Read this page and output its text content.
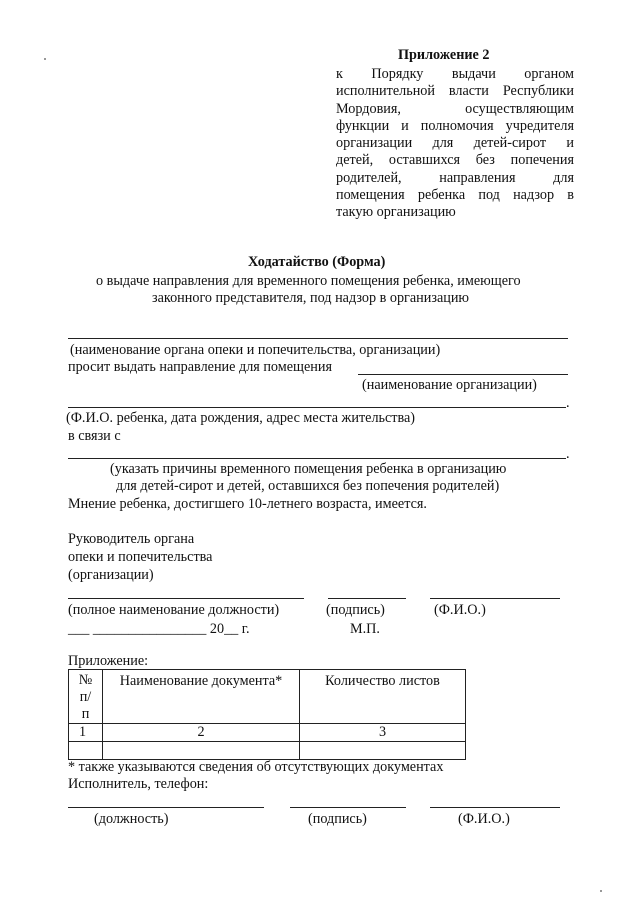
Приложение 2
к Порядку выдачи органом
исполнительной власти Республики
Мордовия, осуществляющим
функции и полномочия учредителя
организации для детей-сирот и
детей, оставшихся без попечения
родителей, направления для
помещения ребенка под надзор в
такую организацию
Ходатайство (Форма)
о выдаче направления для временного помещения ребенка, имеющего
законного представителя, под надзор в организацию
(наименование органа опеки и попечительства, организации)
просит выдать направление для помещения
(наименование организации)
.
(Ф.И.О. ребенка, дата рождения, адрес места жительства)
в связи с
.
(указать причины временного помещения ребенка в организацию
для детей-сирот и детей, оставшихся без попечения родителей)
Мнение ребенка, достигшего 10-летнего возраста, имеется.
Руководитель органа
опеки и попечительства
(организации)
(полное наименование должности)	(подпись)	(Ф.И.О.)
___ ________________ 20__ г.	М.П.
Приложение:
№ п/ п	Наименование документа*	Количество листов
1	2	3

* также указываются сведения об отсутствующих документах
Исполнитель, телефон:
(должность)	(подпись)	(Ф.И.О.)
